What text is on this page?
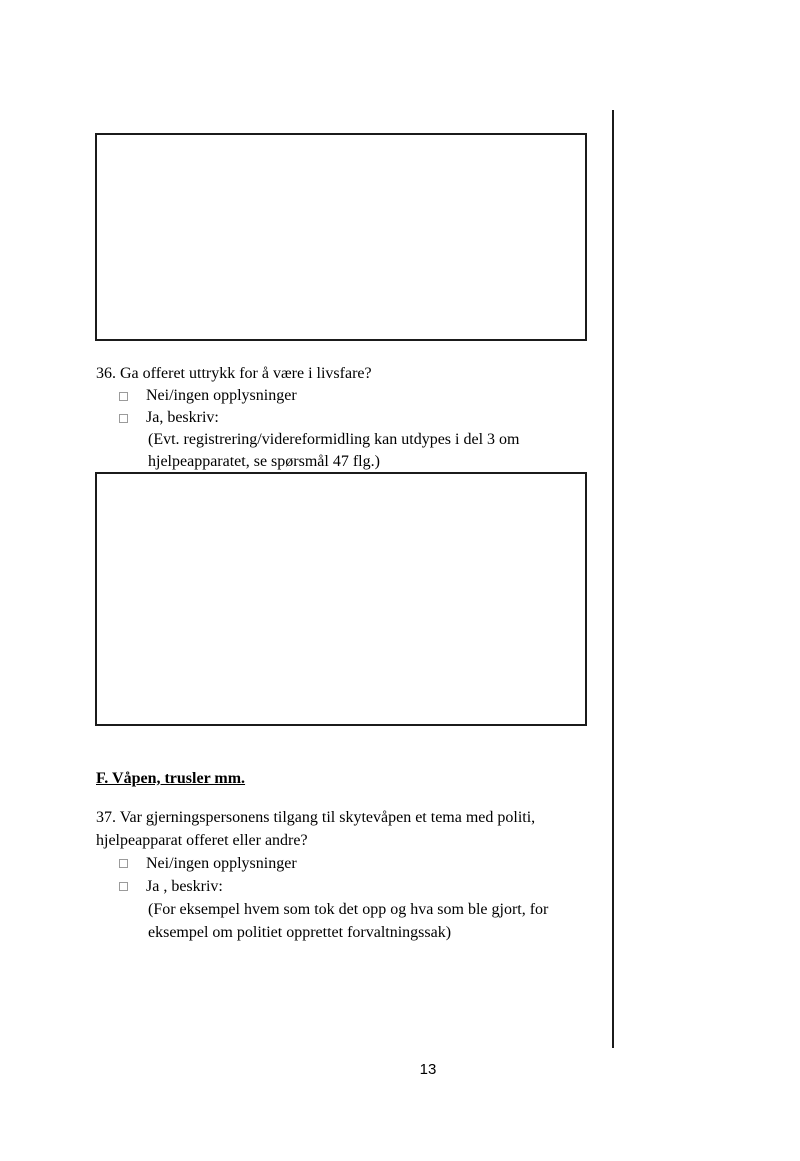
36. Ga offeret uttrykk for å være i livsfare?
Nei/ingen opplysninger
Ja, beskriv:
(Evt. registrering/videreformidling kan utdypes i del 3 om hjelpeapparatet, se spørsmål 47 flg.)
F. Våpen, trusler mm.
37. Var gjerningspersonens tilgang til skytevåpen et tema med politi, hjelpeapparat offeret eller andre?
Nei/ingen opplysninger
Ja , beskriv:
(For eksempel hvem som tok det opp og hva som ble gjort, for eksempel om politiet opprettet forvaltningssak)
13
